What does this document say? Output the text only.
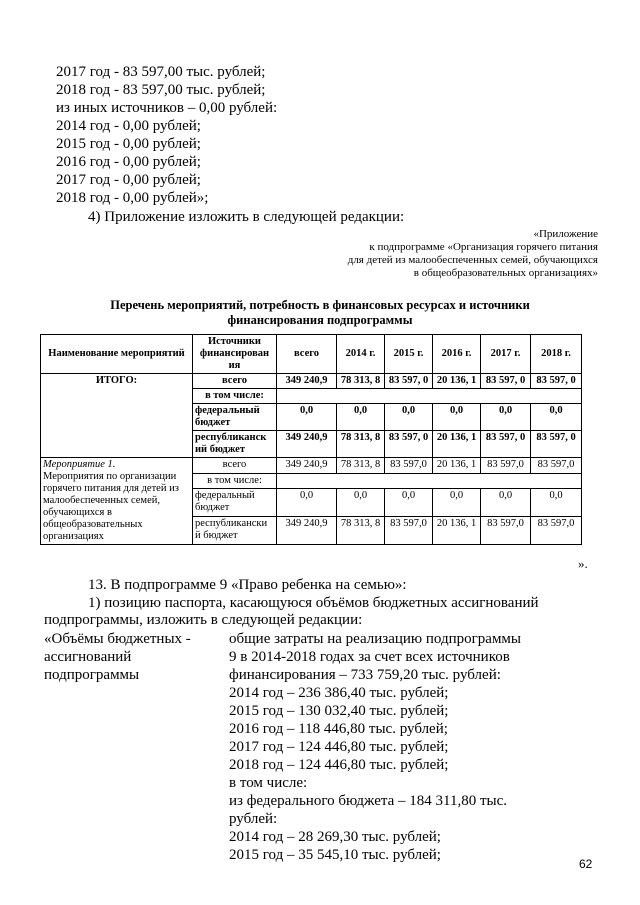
2017 год - 83 597,00 тыс. рублей;
2018 год - 83 597,00 тыс. рублей;
из иных источников – 0,00 рублей:
2014 год - 0,00 рублей;
2015 год - 0,00 рублей;
2016 год - 0,00 рублей;
2017 год - 0,00 рублей;
2018 год - 0,00 рублей»;
4) Приложение изложить в следующей редакции:
«Приложение
к подпрограмме «Организация горячего питания
для детей из малообеспеченных семей, обучающихся
в общеобразовательных организациях»
Перечень мероприятий, потребность в финансовых ресурсах и источники
финансирования подпрограммы
Наименование мероприятий	Источники финансирован ия	всего	2014 г.	2015 г.	2016 г.	2017 г.	2018 г.
ИТОГО:	всего	349 240,9	78 313, 8	83 597, 0	20 136, 1	83 597, 0	83 597, 0
	в том числе:						
	федеральный бюджет	0,0	0,0	0,0	0,0	0,0	0,0
	республиканск ий бюджет	349 240,9	78 313, 8	83 597, 0	20 136, 1	83 597, 0	83 597, 0
Мероприятие 1.
Мероприятия по организации горячего питания для детей из малообеспеченных семей, обучающихся в общеобразовательных организациях	всего	349 240,9	78 313, 8	83 597,0	20 136, 1	83 597,0	83 597,0
	в том числе:						
	федеральный бюджет	0,0	0,0	0,0	0,0	0,0	0,0
	республикански й бюджет	349 240,9	78 313, 8	83 597,0	20 136, 1	83 597,0	83 597,0
».
13. В подпрограмме 9 «Право ребенка на семью»:
1) позицию паспорта, касающуюся объёмов бюджетных ассигнований
подпрограммы, изложить в следующей редакции:
«Объёмы бюджетных -
ассигнований
подпрограммы
общие затраты на реализацию подпрограммы
9 в 2014-2018 годах за счет всех источников
финансирования – 733 759,20 тыс. рублей:
2014 год – 236 386,40 тыс. рублей;
2015 год – 130 032,40 тыс. рублей;
2016 год – 118 446,80 тыс. рублей;
2017 год – 124 446,80 тыс. рублей;
2018 год – 124 446,80 тыс. рублей;
в том числе:
из федерального бюджета – 184 311,80 тыс.
рублей:
2014 год – 28 269,30 тыс. рублей;
2015 год – 35 545,10 тыс. рублей;
62
